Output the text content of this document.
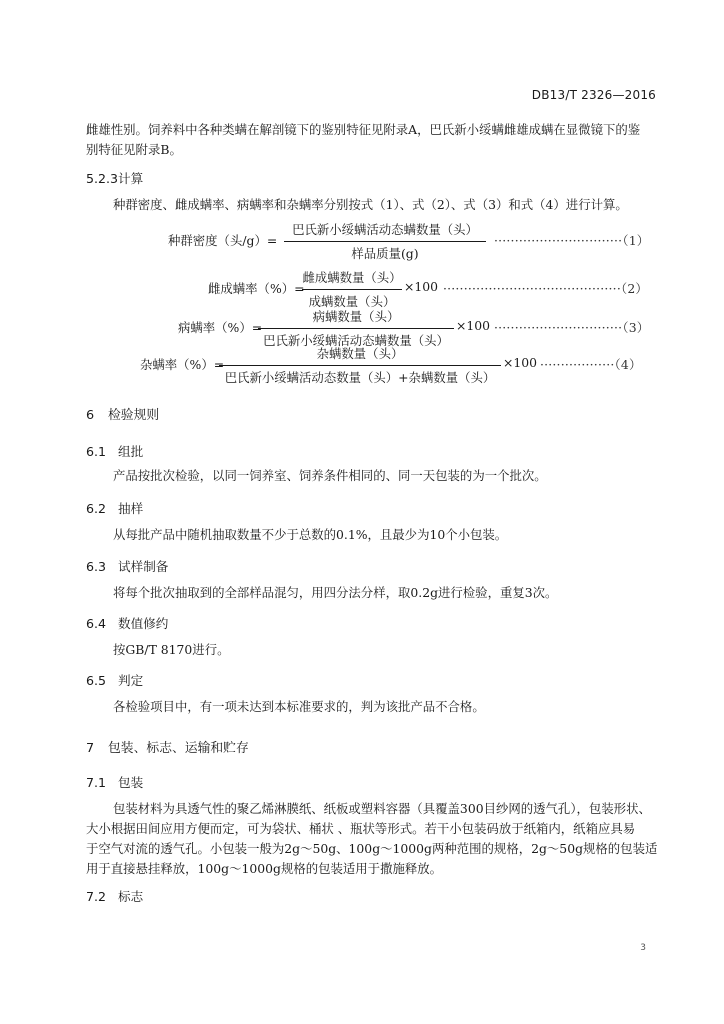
DB13/T 2326—2016
雌雄性别。饲养料中各种类螨在解剖镜下的鉴别特征见附录A，巴氏新小绥螨雌雄成螨在显微镜下的鉴
别特征见附录B。
5.2.3计算
种群密度、雌成螨率、病螨率和杂螨率分别按式（1）、式（2）、式（3）和式（4）进行计算。
种群密度（头/g）=
巴氏新小绥螨活动态螨数量（头）
样品质量(g)
·······························（1）
雌成螨率（%）=
雌成螨数量（头）
成螨数量（头）
×100 ···········································（2）
病螨率（%）=
病螨数量（头）
巴氏新小绥螨活动态螨数量（头）
×100 ·······························（3）
杂螨率（%）=
杂螨数量（头）
巴氏新小绥螨活动态数量（头）+杂螨数量（头）
×100 ··················（4）
6 检验规则
6.1 组批
产品按批次检验，以同一饲养室、饲养条件相同的、同一天包装的为一个批次。
6.2 抽样
从每批产品中随机抽取数量不少于总数的0.1%，且最少为10个小包装。
6.3 试样制备
将每个批次抽取到的全部样品混匀，用四分法分样，取0.2g进行检验，重复3次。
6.4 数值修约
按GB/T 8170进行。
6.5 判定
各检验项目中，有一项未达到本标准要求的，判为该批产品不合格。
7 包装、标志、运输和贮存
7.1 包装
包装材料为具透气性的聚乙烯淋膜纸、纸板或塑料容器（具覆盖300目纱网的透气孔），包装形状、
大小根据田间应用方便而定，可为袋状、桶状 、瓶状等形式。若干小包装码放于纸箱内，纸箱应具易
于空气对流的透气孔。小包装一般为2g～50g、100g～1000g两种范围的规格，2g～50g规格的包装适
用于直接悬挂释放，100g～1000g规格的包装适用于撒施释放。
7.2 标志
3
